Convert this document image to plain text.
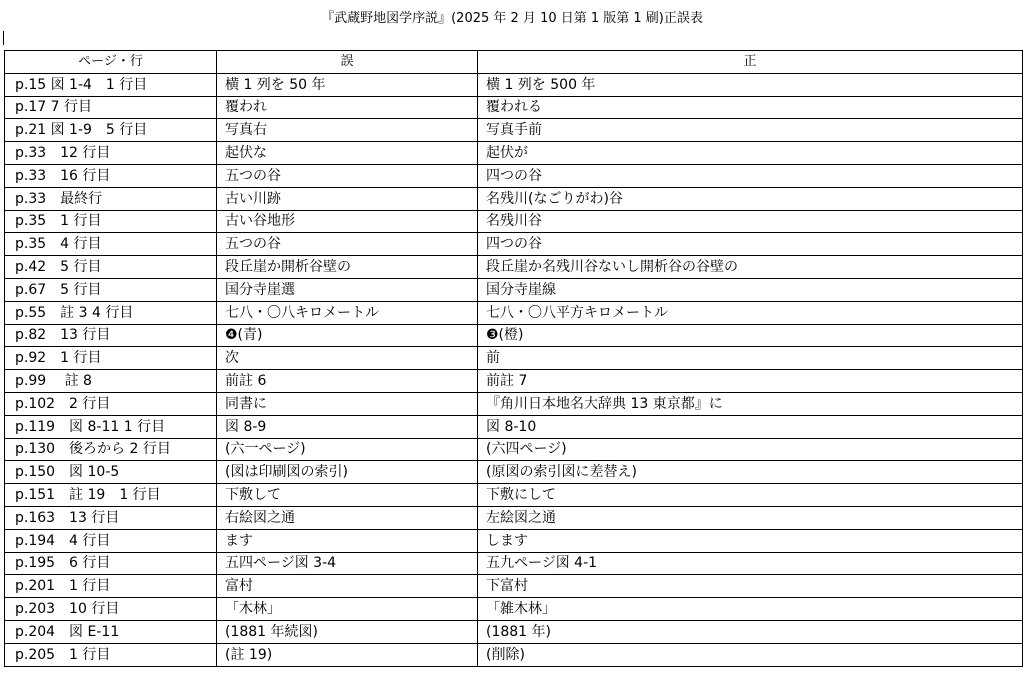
『武蔵野地図学序説』(2025 年 2 月 10 日第 1 版第 1 刷)正誤表
ページ・行	誤	正
p.15 図 1-4　1 行目	横 1 列を 50 年	横 1 列を 500 年
p.17 7 行目	覆われ	覆われる
p.21 図 1-9　5 行目	写真右	写真手前
p.33　12 行目	起伏な	起伏が
p.33　16 行目	五つの谷	四つの谷
p.33　最終行	古い川跡	名残川(なごりがわ)谷
p.35　1 行目	古い谷地形	名残川谷
p.35　4 行目	五つの谷	四つの谷
p.42　5 行目	段丘崖か開析谷壁の	段丘崖か名残川谷ないし開析谷の谷壁の
p.67　5 行目	国分寺崖選	国分寺崖線
p.55　註 3 4 行目	七八・〇八キロメートル	七八・〇八平方キロメートル
p.82　13 行目	❹(青)	❸(橙)
p.92　1 行目	次	前
p.99　 註 8	前註 6	前註 7
p.102　2 行目	同書に	『角川日本地名大辞典 13 東京都』に
p.119　図 8-11 1 行目	図 8-9	図 8-10
p.130　後ろから 2 行目	(六一ページ)	(六四ページ)
p.150　図 10-5	(図は印刷図の索引)	(原図の索引図に差替え)
p.151　註 19　1 行目	下敷して	下敷にして
p.163　13 行目	右絵図之通	左絵図之通
p.194　4 行目	ます	します
p.195　6 行目	五四ページ図 3-4	五九ページ図 4-1
p.201　1 行目	富村	下富村
p.203　10 行目	「木林」	「雑木林」
p.204　図 E-11	(1881 年続図)	(1881 年)
p.205　1 行目	(註 19)	(削除)
